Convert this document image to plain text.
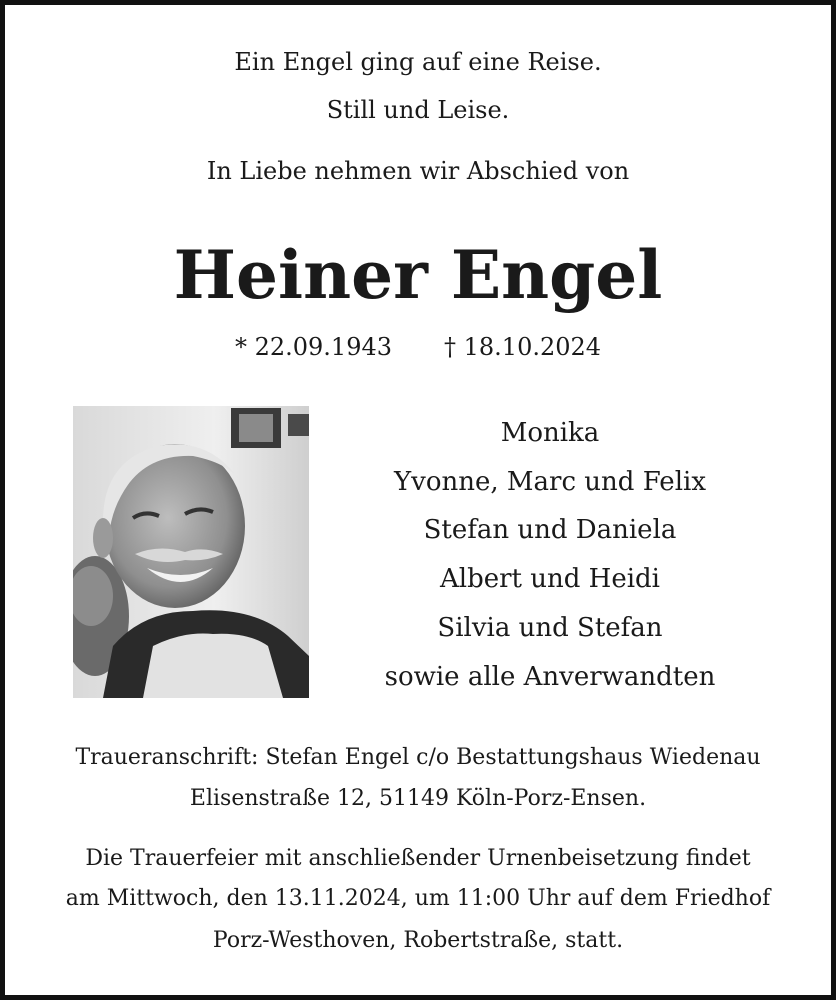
Ein Engel ging auf eine Reise.
Still und Leise.
In Liebe nehmen wir Abschied von
Heiner Engel
* 22.09.1943 † 18.10.2024
Monika
Yvonne, Marc und Felix
Stefan und Daniela
Albert und Heidi
Silvia und Stefan
sowie alle Anverwandten
Traueranschrift: Stefan Engel c/o Bestattungshaus Wiedenau
Elisenstraße 12, 51149 Köln-Porz-Ensen.
Die Trauerfeier mit anschließender Urnenbeisetzung findet
am Mittwoch, den 13.11.2024, um 11:00 Uhr auf dem Friedhof
Porz-Westhoven, Robertstraße, statt.
